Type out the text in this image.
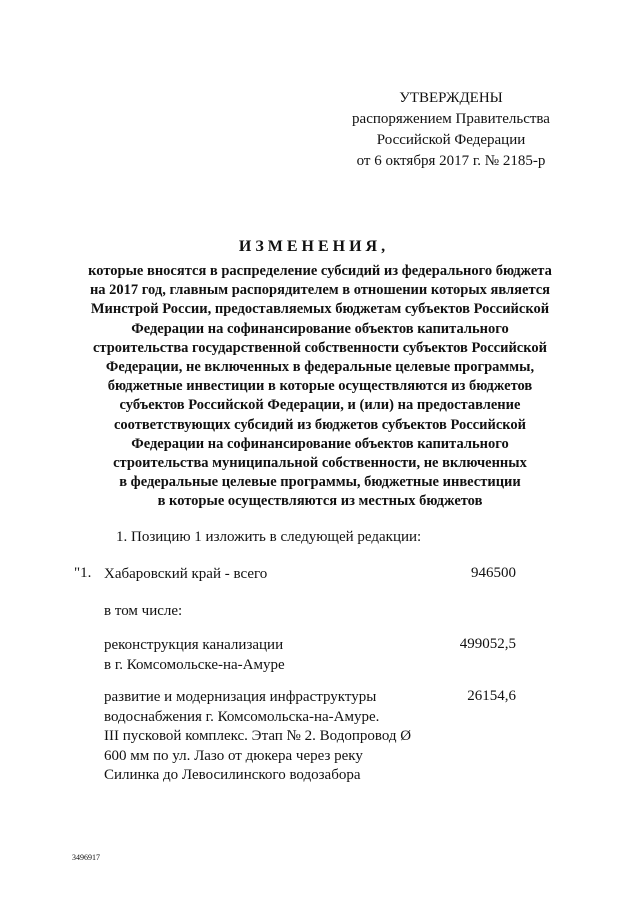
УТВЕРЖДЕНЫ
распоряжением Правительства
Российской Федерации
от 6 октября 2017 г. № 2185-р
ИЗМЕНЕНИЯ,
которые вносятся в распределение субсидий из федерального бюджета
на 2017 год, главным распорядителем в отношении которых является
Минстрой России, предоставляемых бюджетам субъектов Российской
Федерации на софинансирование объектов капитального
строительства государственной собственности субъектов Российской
Федерации, не включенных в федеральные целевые программы,
бюджетные инвестиции в которые осуществляются из бюджетов
субъектов Российской Федерации, и (или) на предоставление
соответствующих субсидий из бюджетов субъектов Российской
Федерации на софинансирование объектов капитального
строительства муниципальной собственности, не включенных
в федеральные целевые программы, бюджетные инвестиции
в которые осуществляются из местных бюджетов
1. Позицию 1 изложить в следующей редакции:
"1. Хабаровский край - всего	946500
в том числе:
реконструкция канализации
в г. Комсомольске-на-Амуре
499052,5
развитие и модернизация инфраструктуры
водоснабжения г. Комсомольска-на-Амуре.
III пусковой комплекс. Этап № 2. Водопровод Ø
600 мм по ул. Лазо от дюкера через реку
Силинка до Левосилинского водозабора
26154,6
3496917
